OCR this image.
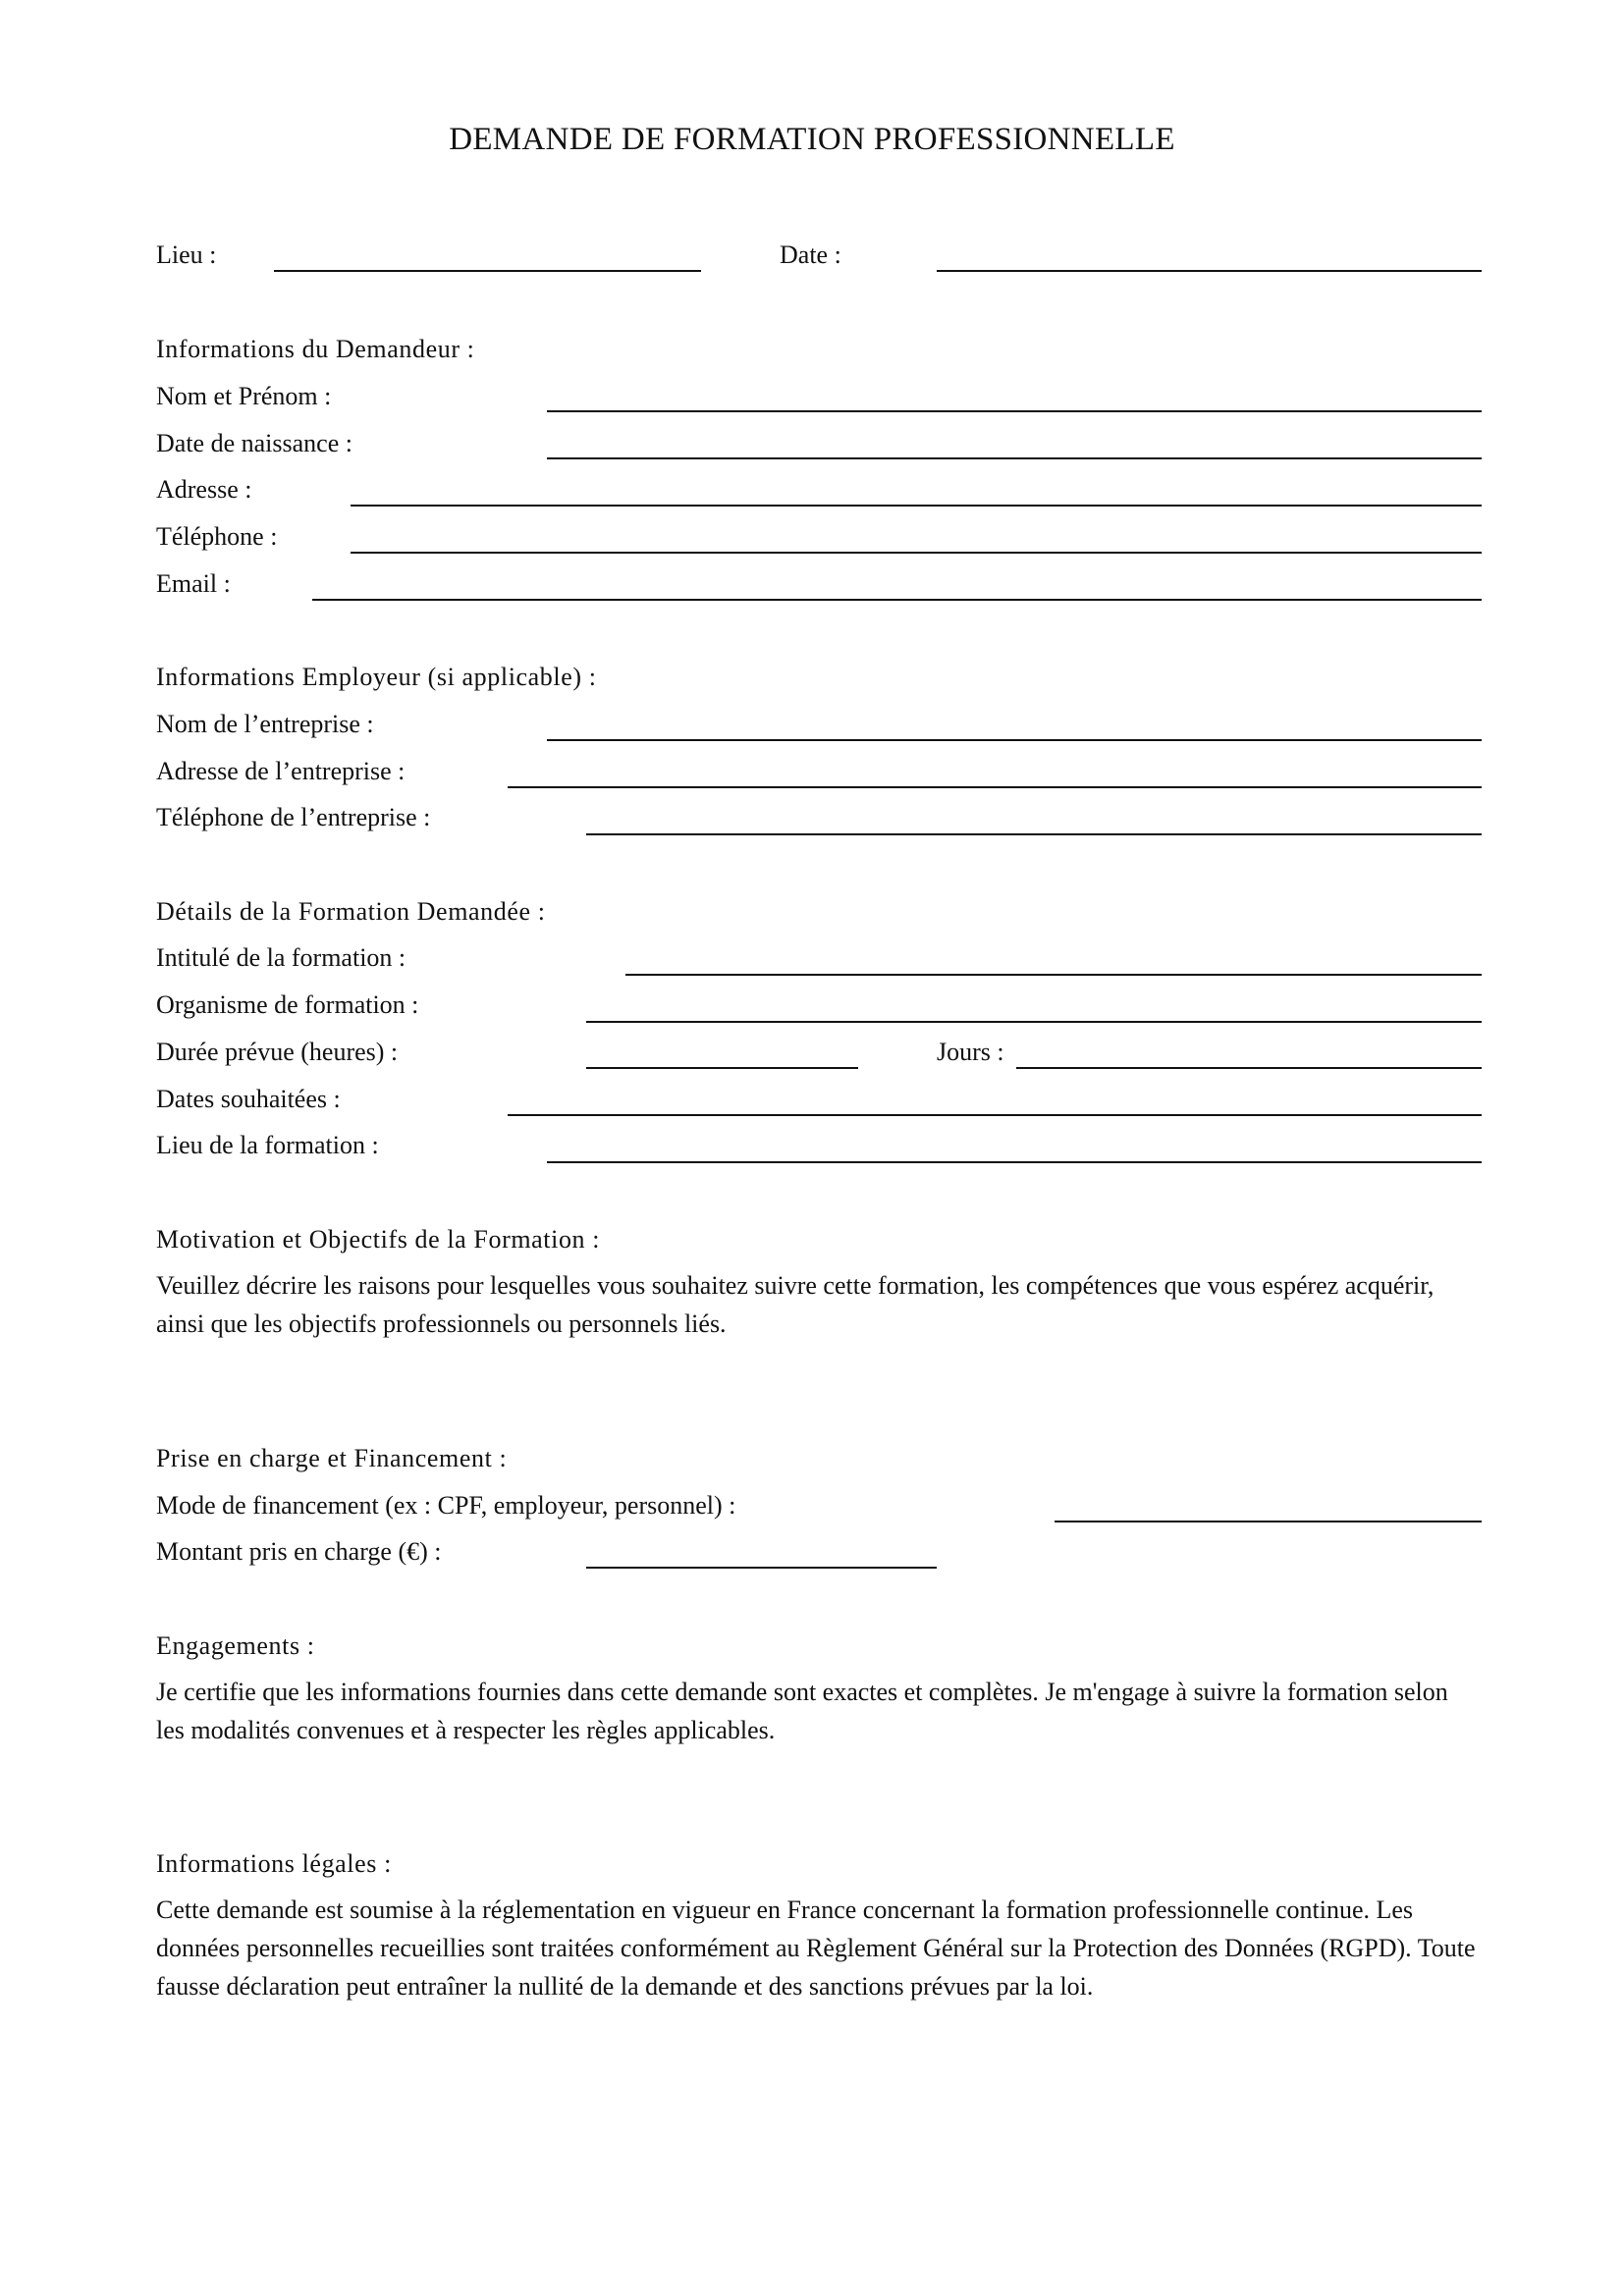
DEMANDE DE FORMATION PROFESSIONNELLE
Lieu :	Date :
Informations du Demandeur :
Nom et Prénom :
Date de naissance :
Adresse :
Téléphone :
Email :
Informations Employeur (si applicable) :
Nom de l’entreprise :
Adresse de l’entreprise :
Téléphone de l’entreprise :
Détails de la Formation Demandée :
Intitulé de la formation :
Organisme de formation :
Durée prévue (heures) :	Jours :
Dates souhaitées :
Lieu de la formation :
Motivation et Objectifs de la Formation :
Veuillez décrire les raisons pour lesquelles vous souhaitez suivre cette formation, les compétences que vous espérez acquérir, ainsi que les objectifs professionnels ou personnels liés.
Prise en charge et Financement :
Mode de financement (ex : CPF, employeur, personnel) :
Montant pris en charge (€) :
Engagements :
Je certifie que les informations fournies dans cette demande sont exactes et complètes. Je m'engage à suivre la formation selon les modalités convenues et à respecter les règles applicables.
Informations légales :
Cette demande est soumise à la réglementation en vigueur en France concernant la formation professionnelle continue. Les données personnelles recueillies sont traitées conformément au Règlement Général sur la Protection des Données (RGPD). Toute fausse déclaration peut entraîner la nullité de la demande et des sanctions prévues par la loi.
